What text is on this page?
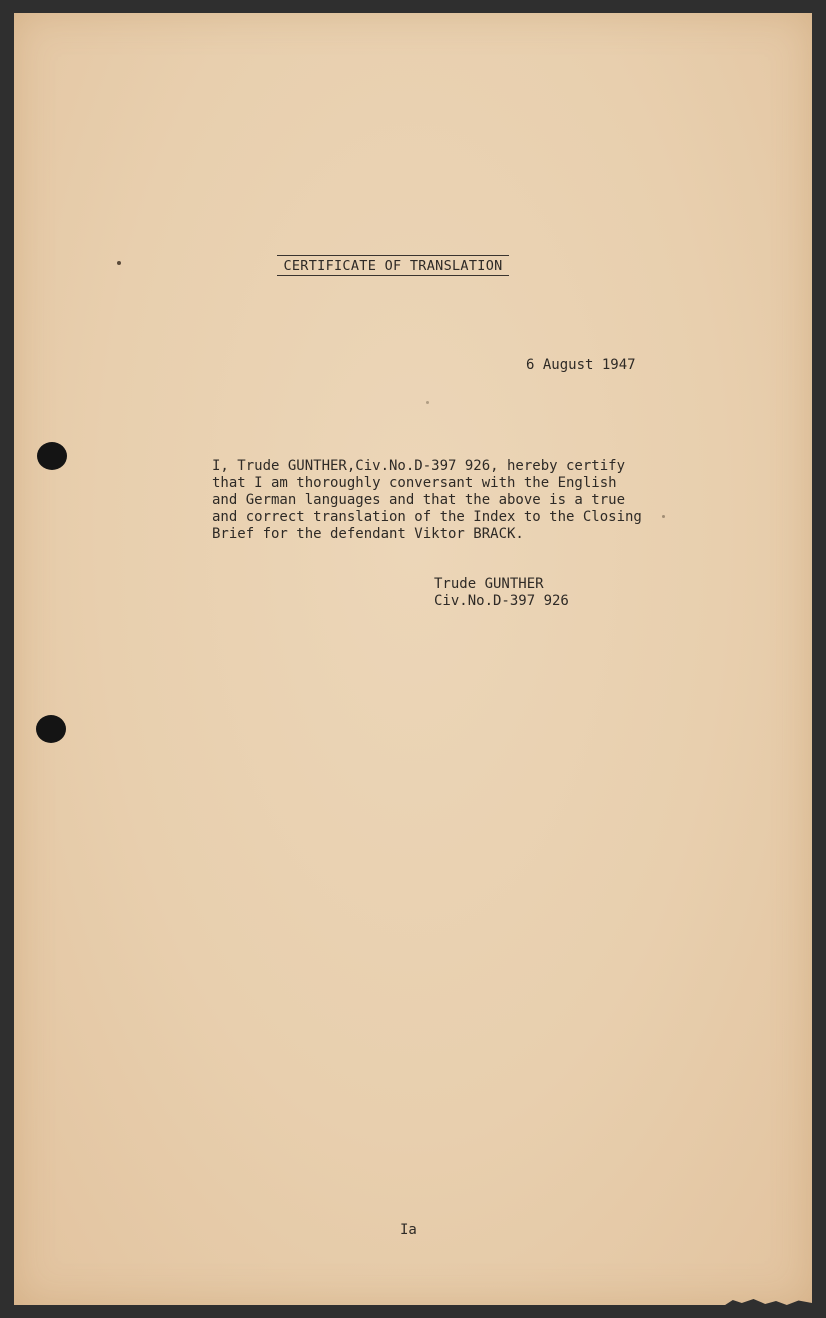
CERTIFICATE OF TRANSLATION
6 August 1947
I, Trude GUNTHER,Civ.No.D-397 926, hereby certify
that I am thoroughly conversant with the English
and German languages and that the above is a true
and correct translation of the Index to the Closing
Brief for the defendant Viktor BRACK.
Trude GUNTHER
Civ.No.D-397 926
Ia
